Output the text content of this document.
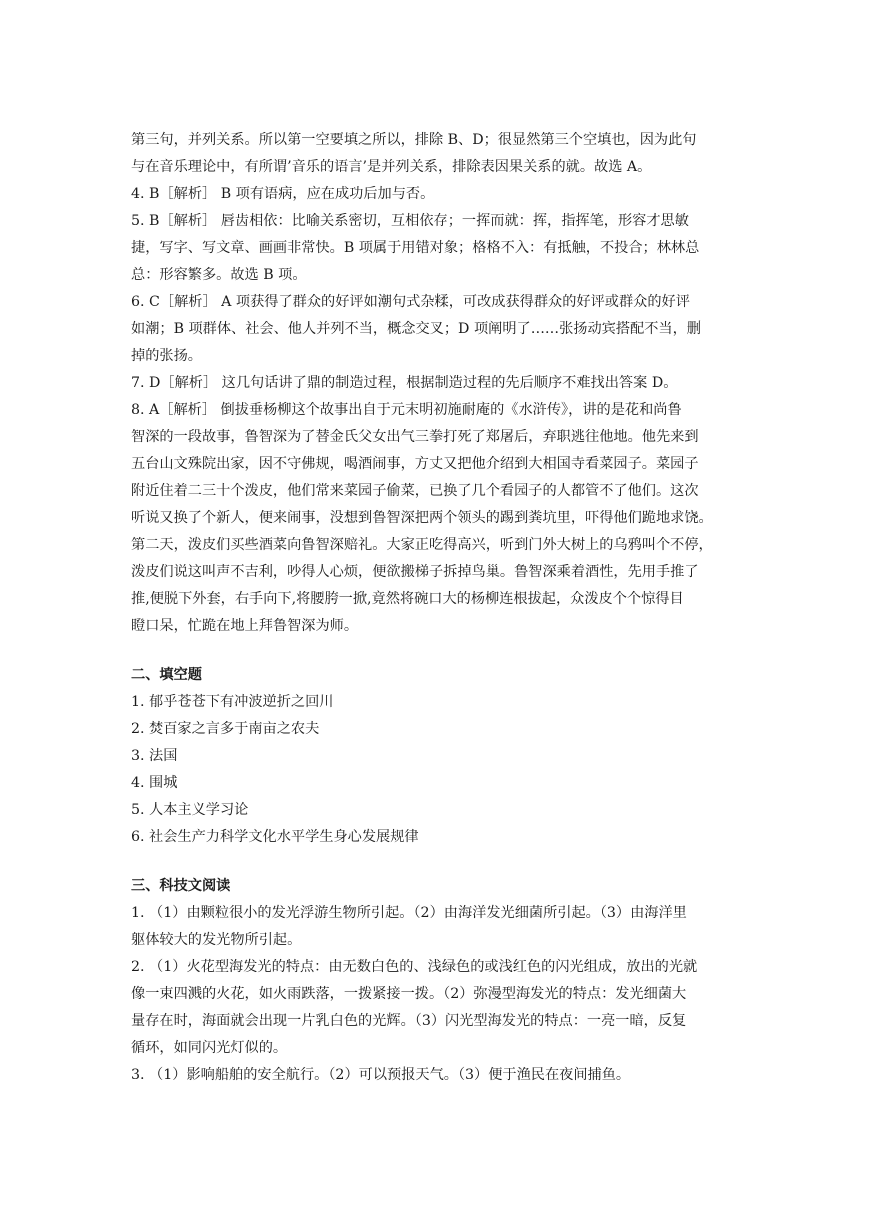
第三句，并列关系。所以第一空要填之所以，排除 B、D；很显然第三个空填也，因为此句
与在音乐理论中，有所谓’音乐的语言’是并列关系，排除表因果关系的就。故选 A。
4. B［解析］ B 项有语病，应在成功后加与否。
5. B［解析］ 唇齿相依：比喻关系密切，互相依存；一挥而就：挥，指挥笔，形容才思敏
捷，写字、写文章、画画非常快。B 项属于用错对象；格格不入：有抵触，不投合；林林总
总：形容繁多。故选 B 项。
6. C［解析］ A 项获得了群众的好评如潮句式杂糅，可改成获得群众的好评或群众的好评
如潮；B 项群体、社会、他人并列不当，概念交叉；D 项阐明了……张扬动宾搭配不当，删
掉的张扬。
7. D［解析］ 这几句话讲了鼎的制造过程，根据制造过程的先后顺序不难找出答案 D。
8. A［解析］ 倒拔垂杨柳这个故事出自于元末明初施耐庵的《水浒传》，讲的是花和尚鲁
智深的一段故事，鲁智深为了替金氏父女出气三拳打死了郑屠后，弃职逃往他地。他先来到
五台山文殊院出家，因不守佛规，喝酒闹事，方丈又把他介绍到大相国寺看菜园子。菜园子
附近住着二三十个泼皮，他们常来菜园子偷菜，已换了几个看园子的人都管不了他们。这次
听说又换了个新人，便来闹事，没想到鲁智深把两个领头的踢到粪坑里，吓得他们跪地求饶。
第二天，泼皮们买些酒菜向鲁智深赔礼。大家正吃得高兴，听到门外大树上的乌鸦叫个不停，
泼皮们说这叫声不吉利，吵得人心烦，便欲搬梯子拆掉鸟巢。鲁智深乘着酒性，先用手推了
推,便脱下外套，右手向下,将腰胯一掀,竟然将碗口大的杨柳连根拔起，众泼皮个个惊得目
瞪口呆，忙跪在地上拜鲁智深为师。
二、填空题
1. 郁乎苍苍下有冲波逆折之回川
2. 焚百家之言多于南亩之农夫
3. 法国
4. 围城
5. 人本主义学习论
6. 社会生产力科学文化水平学生身心发展规律
三、科技文阅读
1. （1）由颗粒很小的发光浮游生物所引起。（2）由海洋发光细菌所引起。（3）由海洋里
躯体较大的发光物所引起。
2. （1）火花型海发光的特点：由无数白色的、浅绿色的或浅红色的闪光组成，放出的光就
像一束四溅的火花，如火雨跌落，一拨紧接一拨。（2）弥漫型海发光的特点：发光细菌大
量存在时，海面就会出现一片乳白色的光辉。（3）闪光型海发光的特点：一亮一暗，反复
循环，如同闪光灯似的。
3. （1）影响船舶的安全航行。（2）可以预报天气。（3）便于渔民在夜间捕鱼。
